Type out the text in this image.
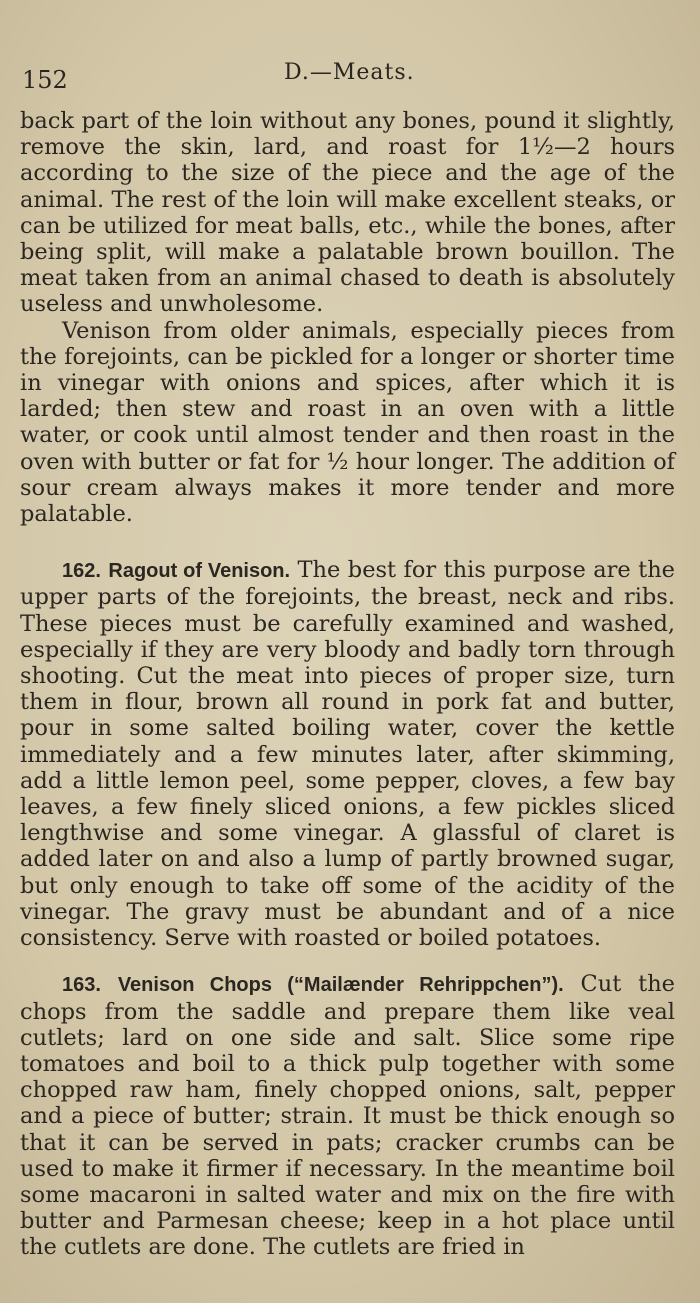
152	D.—Meats.

back part of the loin without any bones, pound it slightly, remove the skin, lard, and roast for 1½—2 hours according to the size of the piece and the age of the animal. The rest of the loin will make excellent steaks, or can be utilized for meat balls, etc., while the bones, after being split, will make a palatable brown bouillon. The meat taken from an animal chased to death is absolutely useless and unwholesome.

Venison from older animals, especially pieces from the forejoints, can be pickled for a longer or shorter time in vinegar with onions and spices, after which it is larded; then stew and roast in an oven with a little water, or cook until almost tender and then roast in the oven with butter or fat for ½ hour longer. The addition of sour cream always makes it more tender and more palatable.

162. Ragout of Venison. The best for this purpose are the upper parts of the forejoints, the breast, neck and ribs. These pieces must be carefully examined and washed, especially if they are very bloody and badly torn through shooting. Cut the meat into pieces of proper size, turn them in flour, brown all round in pork fat and butter, pour in some salted boiling water, cover the kettle immediately and a few minutes later, after skimming, add a little lemon peel, some pepper, cloves, a few bay leaves, a few finely sliced onions, a few pickles sliced lengthwise and some vinegar. A glassful of claret is added later on and also a lump of partly browned sugar, but only enough to take off some of the acidity of the vinegar. The gravy must be abundant and of a nice consistency. Serve with roasted or boiled potatoes.

163. Venison Chops (“Mailænder Rehrippchen”). Cut the chops from the saddle and prepare them like veal cutlets; lard on one side and salt. Slice some ripe tomatoes and boil to a thick pulp together with some chopped raw ham, finely chopped onions, salt, pepper and a piece of butter; strain. It must be thick enough so that it can be served in pats; cracker crumbs can be used to make it firmer if necessary. In the meantime boil some macaroni in salted water and mix on the fire with butter and Parmesan cheese; keep in a hot place until the cutlets are done. The cutlets are fried in
